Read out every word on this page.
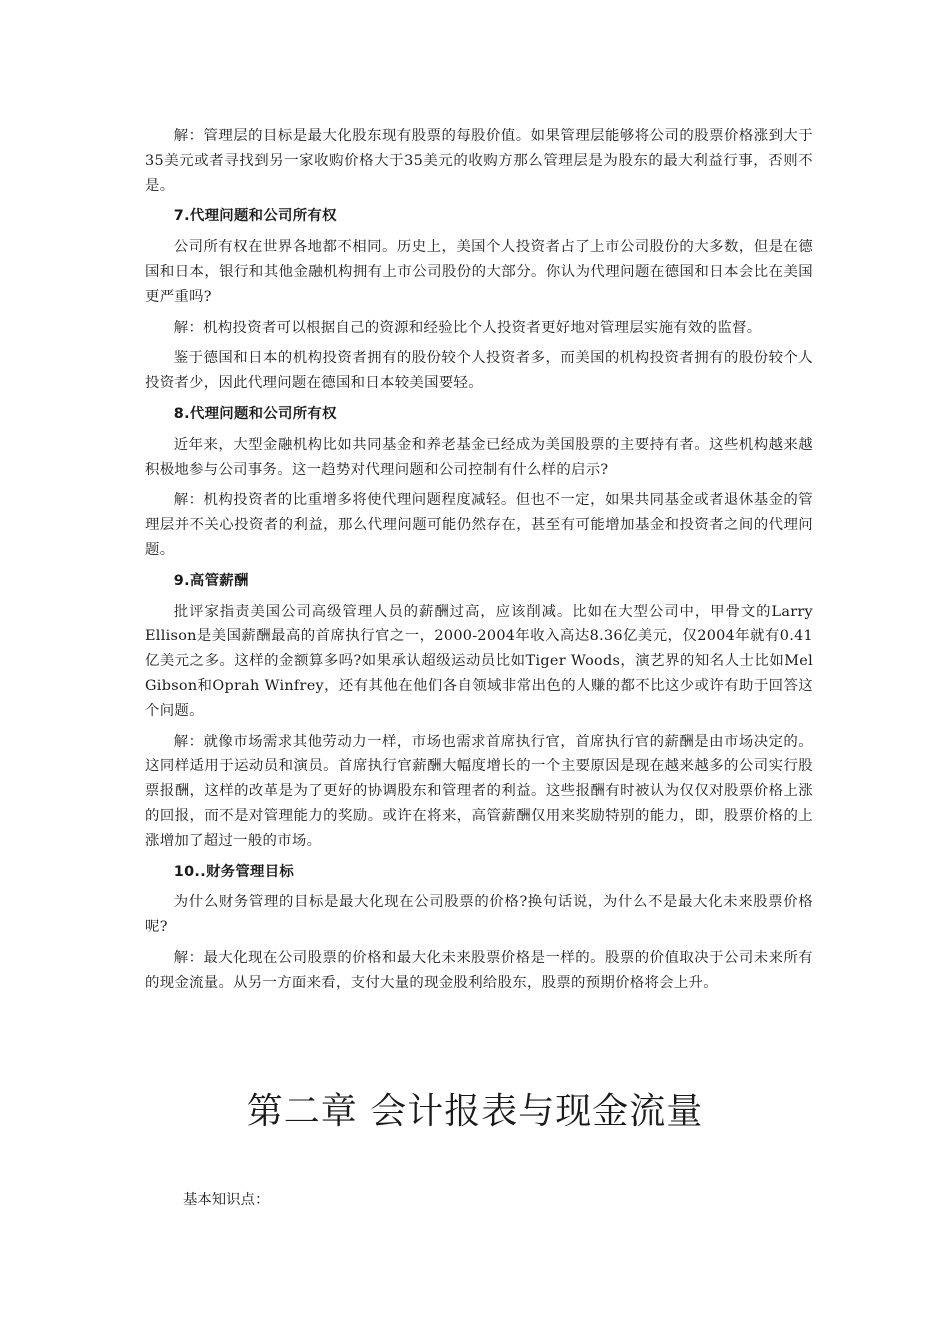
解：管理层的目标是最大化股东现有股票的每股价值。如果管理层能够将公司的股票价格涨到大于35美元或者寻找到另一家收购价格大于35美元的收购方那么管理层是为股东的最大利益行事，否则不是。

7.代理问题和公司所有权

公司所有权在世界各地都不相同。历史上，美国个人投资者占了上市公司股份的大多数，但是在德国和日本，银行和其他金融机构拥有上市公司股份的大部分。你认为代理问题在德国和日本会比在美国更严重吗?

解：机构投资者可以根据自己的资源和经验比个人投资者更好地对管理层实施有效的监督。

鉴于德国和日本的机构投资者拥有的股份较个人投资者多，而美国的机构投资者拥有的股份较个人投资者少，因此代理问题在德国和日本较美国要轻。

8.代理问题和公司所有权

近年来，大型金融机构比如共同基金和养老基金已经成为美国股票的主要持有者。这些机构越来越积极地参与公司事务。这一趋势对代理问题和公司控制有什么样的启示?

解：机构投资者的比重增多将使代理问题程度减轻。但也不一定，如果共同基金或者退休基金的管理层并不关心投资者的利益，那么代理问题可能仍然存在，甚至有可能增加基金和投资者之间的代理问题。

9.高管薪酬

批评家指责美国公司高级管理人员的薪酬过高，应该削减。比如在大型公司中，甲骨文的Larry Ellison是美国薪酬最高的首席执行官之一，2000-2004年收入高达8.36亿美元，仅2004年就有0.41亿美元之多。这样的金额算多吗?如果承认超级运动员比如Tiger Woods，演艺界的知名人士比如Mel Gibson和Oprah Winfrey，还有其他在他们各自领域非常出色的人赚的都不比这少或许有助于回答这个问题。

解：就像市场需求其他劳动力一样，市场也需求首席执行官，首席执行官的薪酬是由市场决定的。这同样适用于运动员和演员。首席执行官薪酬大幅度增长的一个主要原因是现在越来越多的公司实行股票报酬，这样的改革是为了更好的协调股东和管理者的利益。这些报酬有时被认为仅仅对股票价格上涨的回报，而不是对管理能力的奖励。或许在将来，高管薪酬仅用来奖励特别的能力，即，股票价格的上涨增加了超过一般的市场。

10..财务管理目标

为什么财务管理的目标是最大化现在公司股票的价格?换句话说，为什么不是最大化未来股票价格呢?

解：最大化现在公司股票的价格和最大化未来股票价格是一样的。股票的价值取决于公司未来所有的现金流量。从另一方面来看，支付大量的现金股利给股东，股票的预期价格将会上升。

第二章 会计报表与现金流量

基本知识点：
